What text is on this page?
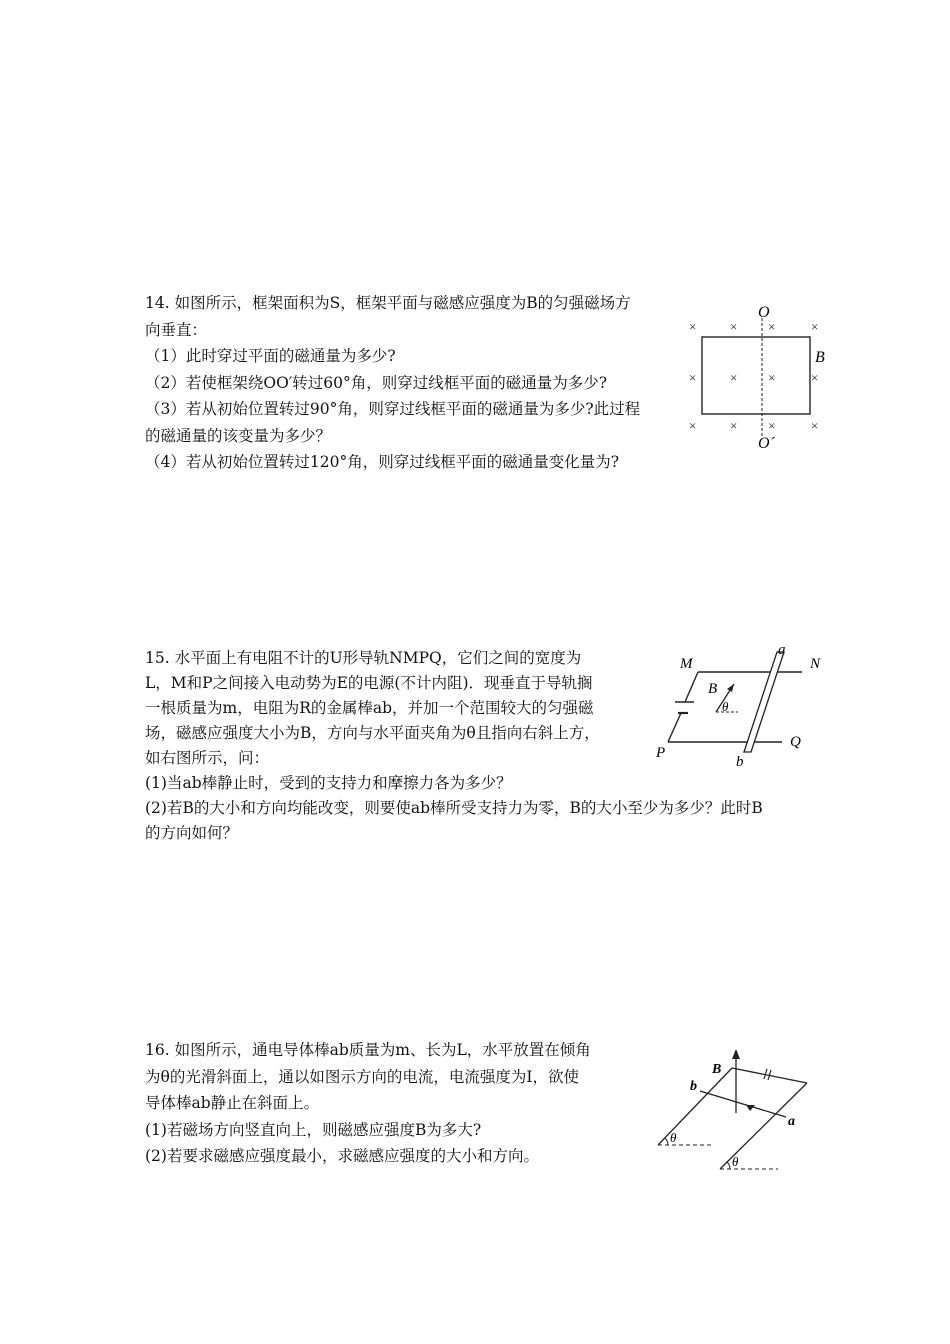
14. 如图所示，框架面积为S，框架平面与磁感应强度为B的匀强磁场方

向垂直：

（1）此时穿过平面的磁通量为多少?

（2）若使框架绕OO′转过60°角，则穿过线框平面的磁通量为多少?

（3）若从初始位置转过90°角，则穿过线框平面的磁通量为多少?此过程

的磁通量的该变量为多少？

（4）若从初始位置转过120°角，则穿过线框平面的磁通量变化量为?

×	× ×	×
×	× ×	×
×	× ×	×
O
O´
B

15. 水平面上有电阻不计的U形导轨NMPQ，它们之间的宽度为

L，M和P之间接入电动势为E的电源(不计内阻)．现垂直于导轨搁

一根质量为m，电阻为R的金属棒ab，并加一个范围较大的匀强磁

场，磁感应强度大小为B，方向与水平面夹角为θ且指向右斜上方，

如右图所示，问：

(1)当ab棒静止时，受到的支持力和摩擦力各为多少？

(2)若B的大小和方向均能改变，则要使ab棒所受支持力为零，B的大小至少为多少？此时B

的方向如何？

M	N
P
Q
a
b
B
θ

16. 如图所示，通电导体棒ab质量为m、长为L，水平放置在倾角

为θ的光滑斜面上，通以如图示方向的电流，电流强度为I，欲使

导体棒ab静止在斜面上。

(1)若磁场方向竖直向上，则磁感应强度B为多大?

(2)若要求磁感应强度最小，求磁感应强度的大小和方向。

B
b
a
θ
θ
